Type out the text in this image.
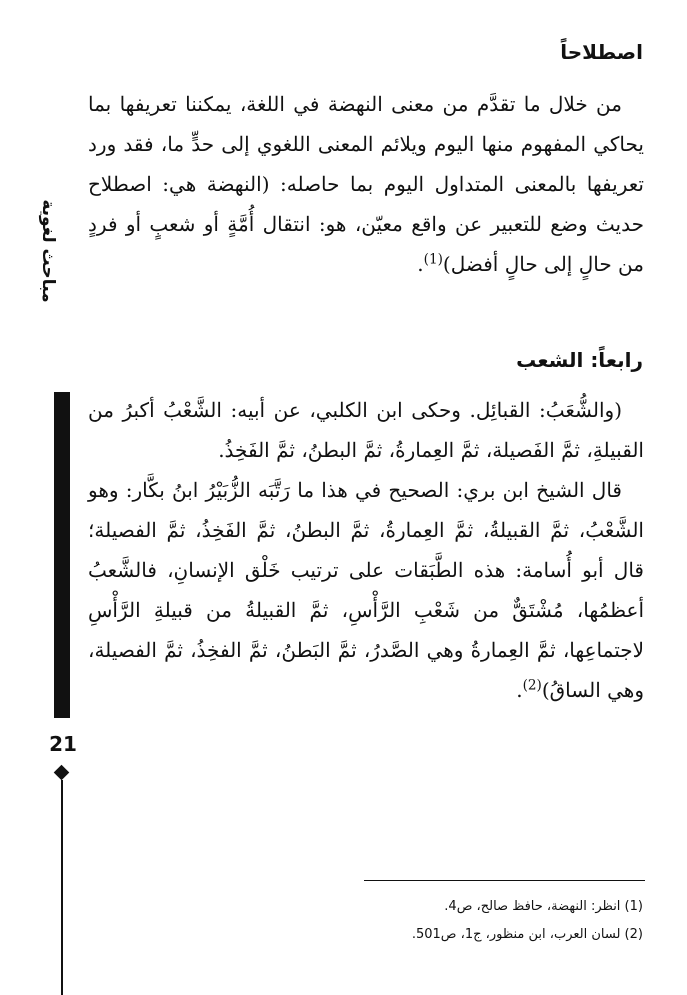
مباحث لغوية
21
اصطلاحاً

من خلال ما تقدَّم من معنى النهضة في اللغة، يمكننا تعريفها بما يحاكي المفهوم منها اليوم ويلائم المعنى اللغوي إلى حدٍّ ما، فقد ورد تعريفها بالمعنى المتداول اليوم بما حاصله: (النهضة هي: اصطلاح حديث وضع للتعبير عن واقع معيّن، هو: انتقال أُمَّةٍ أو شعبٍ أو فردٍ من حالٍ إلى حالٍ أفضل)$^{(1)}$.

رابعاً: الشعب

(والشُّعَبُ: القبائِل. وحكى ابن الكلبي، عن أبيه: الشَّعْبُ أكبرُ من القبيلةِ، ثمَّ الفَصيلة، ثمَّ العِمارةُ، ثمَّ البطنُ، ثمَّ الفَخِذُ.

قال الشيخ ابن بري: الصحيح في هذا ما رَتَّبَه الزُّبَيْرُ ابنُ بكَّار: وهو الشَّعْبُ، ثمَّ القبيلةُ، ثمَّ العِمارةُ، ثمَّ البطنُ، ثمَّ الفَخِذُ، ثمَّ الفصيلة؛ قال أبو أُسامة: هذه الطَّبَقات على ترتيب خَلْق الإنسانِ، فالشَّعبُ أعظمُها، مُشْتَقٌّ من شَعْبِ الرَّأْسِ، ثمَّ القبيلةُ من قبيلةِ الرَّأْسِ لاجتماعِها، ثمَّ العِمارةُ وهي الصَّدرُ، ثمَّ البَطنُ، ثمَّ الفخِذُ، ثمَّ الفصيلة، وهي الساقُ)$^{(2)}$.

(1) انظر: النهضة، حافظ صالح، ص4.
(2) لسان العرب، ابن منظور، ج1، ص501.
